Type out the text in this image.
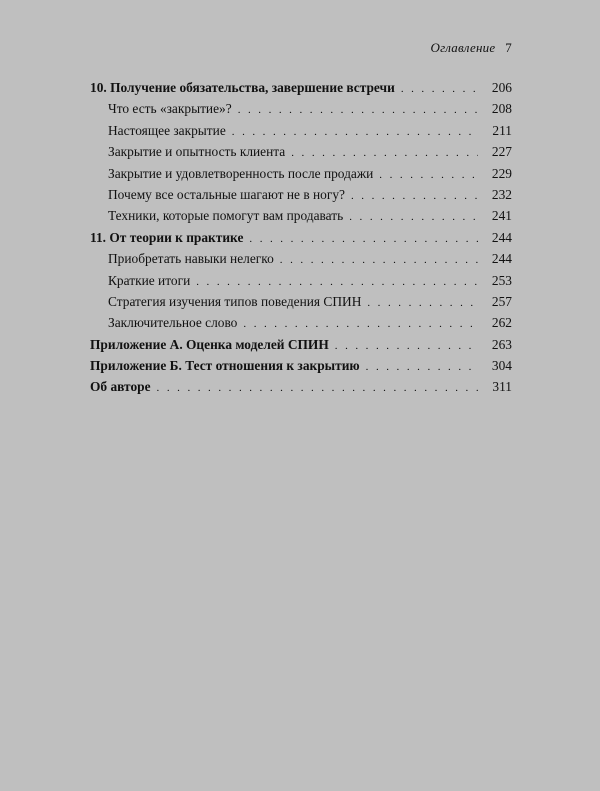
Оглавление 7
10. Получение обязательства, завершение встречи . . .	206
Что есть «закрытие»? . . .	208
Настоящее закрытие . . .	211
Закрытие и опытность клиента . . .	227
Закрытие и удовлетворенность после продажи . . .	229
Почему все остальные шагают не в ногу? . . .	232
Техники, которые помогут вам продавать . . .	241
11. От теории к практике . . .	244
Приобретать навыки нелегко . . .	244
Краткие итоги . . .	253
Стратегия изучения типов поведения СПИН . . .	257
Заключительное слово . . .	262
Приложение А. Оценка моделей СПИН . . .	263
Приложение Б. Тест отношения к закрытию . . .	304
Об авторе . . .	311
